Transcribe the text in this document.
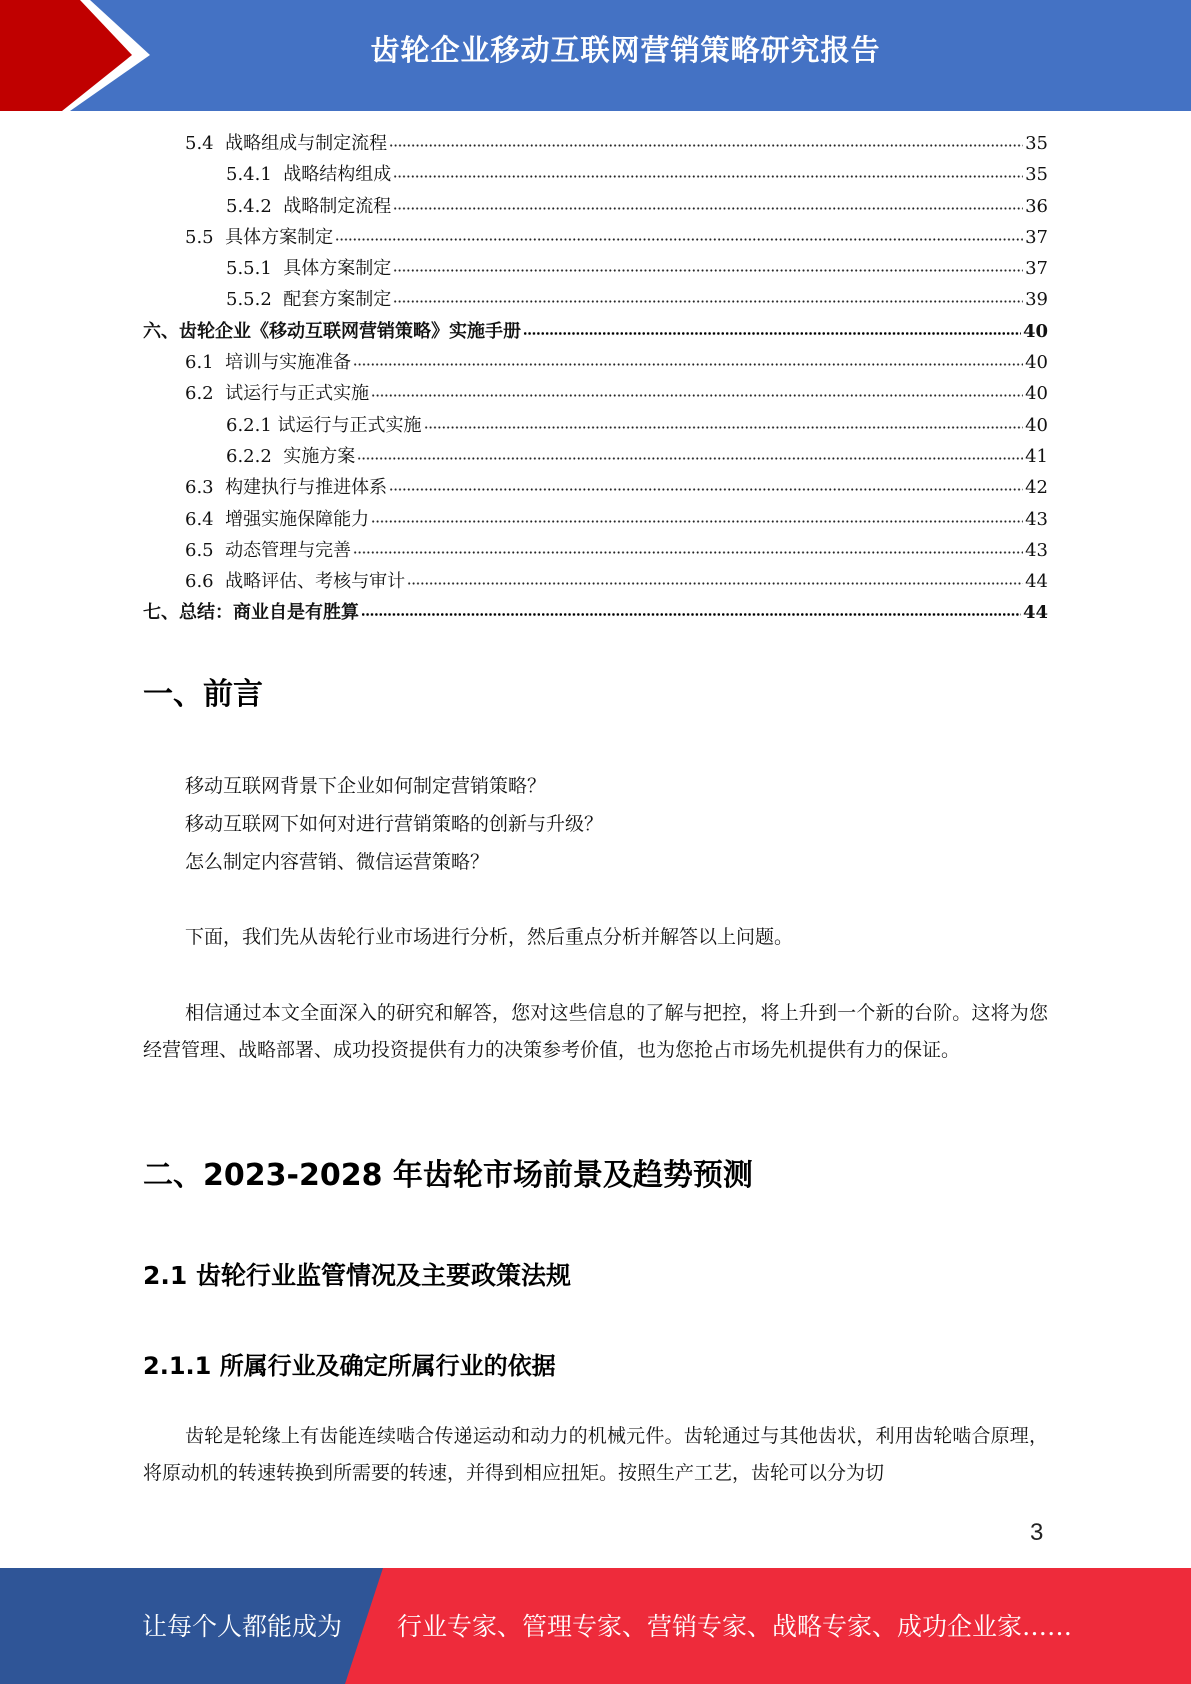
齿轮企业移动互联网营销策略研究报告
5.4  战略组成与制定流程	35
5.4.1  战略结构组成	35
5.4.2  战略制定流程	36
5.5  具体方案制定	37
5.5.1  具体方案制定	37
5.5.2  配套方案制定	39
六、齿轮企业《移动互联网营销策略》实施手册	40
6.1  培训与实施准备	40
6.2  试运行与正式实施	40
6.2.1 试运行与正式实施	40
6.2.2  实施方案	41
6.3  构建执行与推进体系	42
6.4  增强实施保障能力	43
6.5  动态管理与完善	43
6.6  战略评估、考核与审计	44
七、总结：商业自是有胜算	44
一、前言
移动互联网背景下企业如何制定营销策略？
移动互联网下如何对进行营销策略的创新与升级？
怎么制定内容营销、微信运营策略？
下面，我们先从齿轮行业市场进行分析，然后重点分析并解答以上问题。
相信通过本文全面深入的研究和解答，您对这些信息的了解与把控，将上升到一个新的台阶。这将为您经营管理、战略部署、成功投资提供有力的决策参考价值，也为您抢占市场先机提供有力的保证。
二、2023-2028 年齿轮市场前景及趋势预测
2.1 齿轮行业监管情况及主要政策法规
2.1.1 所属行业及确定所属行业的依据
齿轮是轮缘上有齿能连续啮合传递运动和动力的机械元件。齿轮通过与其他齿状，利用齿轮啮合原理，将原动机的转速转换到所需要的转速，并得到相应扭矩。按照生产工艺，齿轮可以分为切
3
让每个人都能成为 行业专家、管理专家、营销专家、战略专家、成功企业家……
